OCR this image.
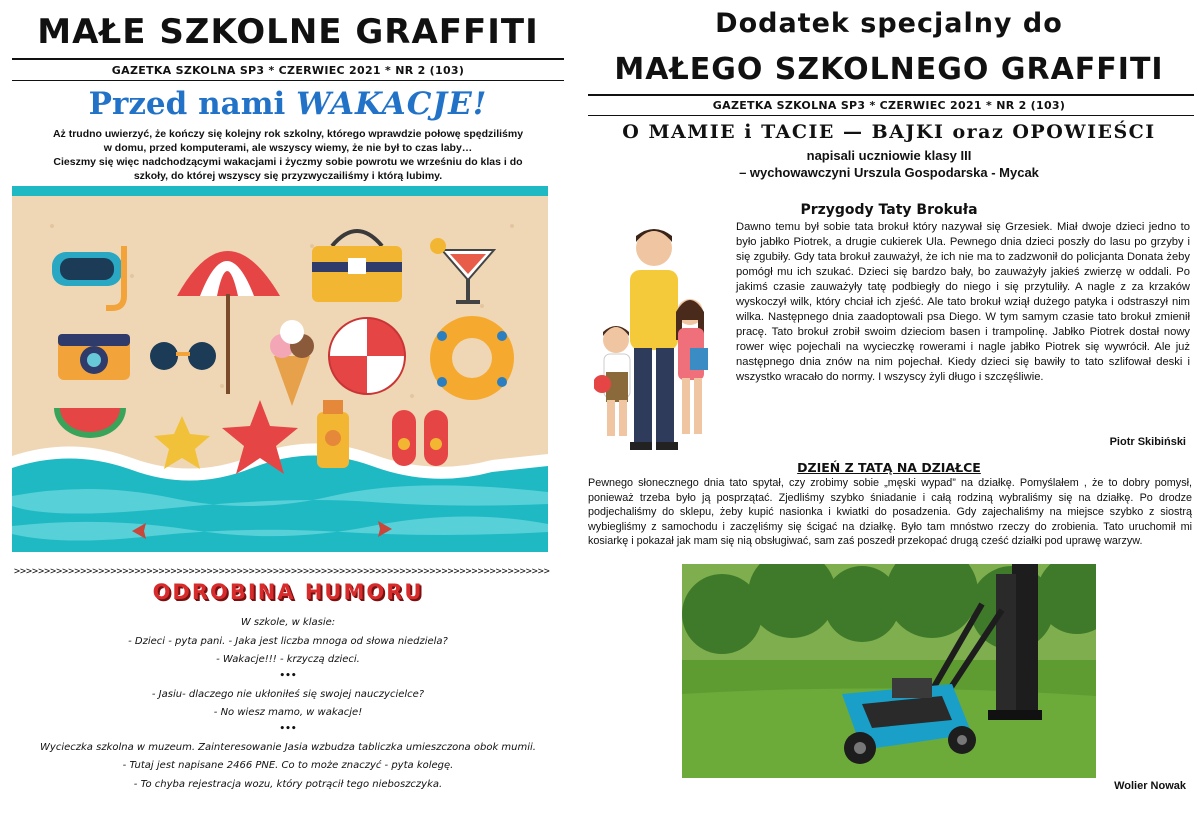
MAŁE SZKOLNE GRAFFITI
GAZETKA SZKOLNA SP3 * CZERWIEC 2021 * NR 2 (103)
Przed nami WAKACJE!
Aż trudno uwierzyć, że kończy się kolejny rok szkolny, którego wprawdzie połowę spędziliśmy
w domu, przed komputerami, ale wszyscy wiemy, że nie był to czas laby…
Cieszmy się więc nadchodzącymi wakacjami i życzmy sobie powrotu we wrześniu do klas i do
szkoły, do której wszyscy się przyzwyczailiśmy i którą lubimy.
>>>>>>>>>>>>>>>>>>>>>>>>>>>>>>>>>>>>>>>>>>>>>>>>>>>>>>>>>>>>>>>>>>>>>>>>>>>>>>>>>>>>>>>>>
ODROBINA HUMORU
W szkole, w klasie:
- Dzieci - pyta pani. - Jaka jest liczba mnoga od słowa niedziela?
- Wakacje!!! - krzyczą dzieci.
•••
- Jasiu- dlaczego nie ukłoniłeś się swojej nauczycielce?
- No wiesz mamo, w wakacje!
•••
Wycieczka szkolna w muzeum. Zainteresowanie Jasia wzbudza tabliczka umieszczona obok mumii.
- Tutaj jest napisane 2466 PNE. Co to może znaczyć - pyta kolegę.
- To chyba rejestracja wozu, który potrącił tego nieboszczyka.
Dodatek specjalny do
MAŁEGO SZKOLNEGO GRAFFITI
GAZETKA SZKOLNA SP3 * CZERWIEC 2021 * NR 2 (103)
O MAMIE i TACIE — BAJKI oraz OPOWIEŚCI
napisali uczniowie klasy III
– wychowawczyni Urszula Gospodarska - Mycak
Przygody Taty Brokuła
Dawno temu był sobie tata brokuł który nazywał się Grzesiek. Miał dwoje dzieci jedno to było jabłko Piotrek, a drugie cukierek Ula. Pewnego dnia dzieci poszły do lasu po grzyby i się zgubiły. Gdy tata brokuł zauważył, że ich nie ma to zadzwonił do policjanta Donata żeby pomógł mu ich szukać. Dzieci się bardzo bały, bo zauważyły jakieś zwierzę w oddali. Po jakimś czasie zauważyły tatę podbiegły do niego i się przytuliły. A nagle z za krzaków wyskoczył wilk, który chciał ich zjeść. Ale tato brokuł wziął dużego patyka i odstraszył nim wilka. Następnego dnia zaadoptowali psa Diego. W tym samym czasie tato brokuł zmienił pracę. Tato brokuł zrobił swoim dzieciom basen i trampolinę. Jabłko Piotrek dostał nowy rower więc pojechali na wycieczkę rowerami i nagle jabłko Piotrek się wywrócił. Ale już następnego dnia znów na nim pojechał. Kiedy dzieci się bawiły to tato szlifował deski i wszystko wracało do normy. I wszyscy żyli długo i szczęśliwie.
Piotr Skibiński
DZIEŃ Z TATĄ NA DZIAŁCE
Pewnego słonecznego dnia tato spytał, czy zrobimy sobie „męski wypad” na działkę. Pomyślałem , że to dobry pomysł, ponieważ trzeba było ją posprzątać. Zjedliśmy szybko śniadanie i całą rodziną wybraliśmy się na działkę. Po drodze podjechaliśmy do sklepu, żeby kupić nasionka i kwiatki do posadzenia. Gdy zajechaliśmy na miejsce szybko z siostrą wybiegliśmy z samochodu i zaczęliśmy się ścigać na działkę. Było tam mnóstwo rzeczy do zrobienia. Tato uruchomił mi kosiarkę i pokazał jak mam się nią obsługiwać, sam zaś poszedł przekopać drugą cześć działki pod uprawę warzyw.
Wolier Nowak
